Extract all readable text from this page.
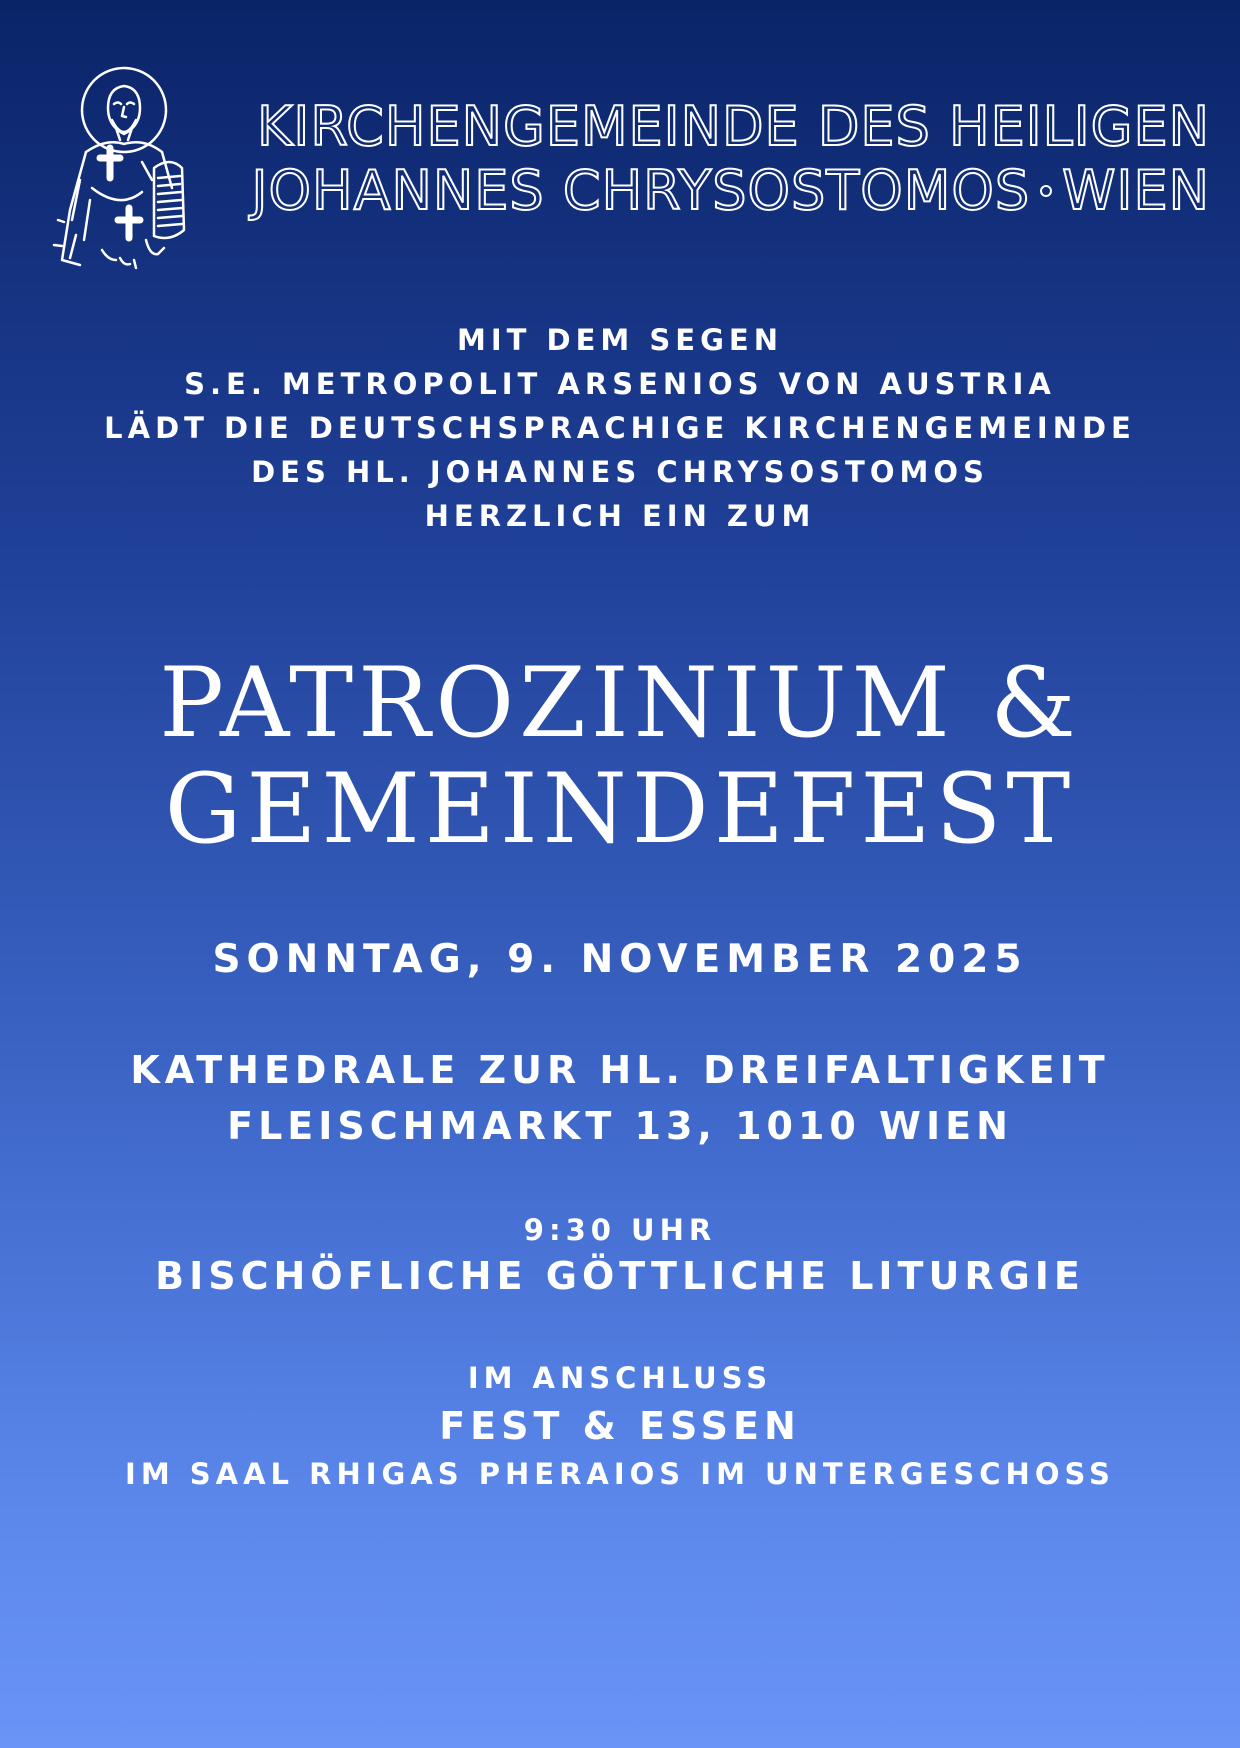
KIRCHENGEMEINDE DES HEILIGEN
JOHANNES CHRYSOSTOMOS WIEN
MIT DEM SEGEN
S.E. METROPOLIT ARSENIOS VON AUSTRIA
LÄDT DIE DEUTSCHSPRACHIGE KIRCHENGEMEINDE
DES HL. JOHANNES CHRYSOSTOMOS
HERZLICH EIN ZUM
PATROZINIUM &
GEMEINDEFEST
SONNTAG, 9. NOVEMBER 2025
KATHEDRALE ZUR HL. DREIFALTIGKEIT
FLEISCHMARKT 13, 1010 WIEN
9:30 UHR
BISCHÖFLICHE GÖTTLICHE LITURGIE
IM ANSCHLUSS
FEST & ESSEN
IM SAAL RHIGAS PHERAIOS IM UNTERGESCHOSS
